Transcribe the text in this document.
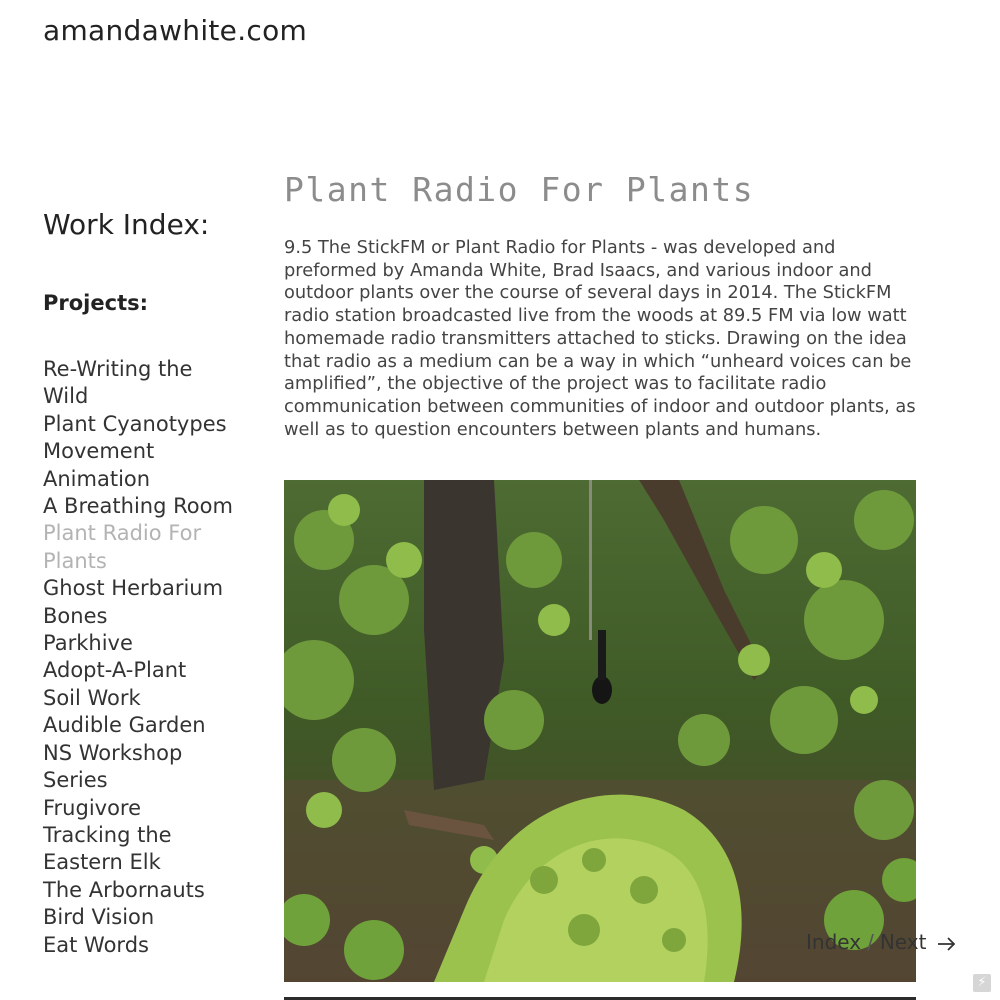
amandawhite.com
Work Index:
Projects:
Re-Writing the Wild
Plant Cyanotypes
Movement Animation
A Breathing Room
Plant Radio For Plants
Ghost Herbarium Bones
Parkhive
Adopt-A-Plant
Soil Work
Audible Garden
NS Workshop Series
Frugivore
Tracking the Eastern Elk
The Arbornauts
Bird Vision
Eat Words
Plant Radio For Plants

9.5 The StickFM or Plant Radio for Plants - was developed and preformed by Amanda White, Brad Isaacs, and various indoor and outdoor plants over the course of several days in 2014. The StickFM radio station broadcasted live from the woods at 89.5 FM via low watt homemade radio transmitters attached to sticks. Drawing on the idea that radio as a medium can be a way in which “unheard voices can be amplified”, the objective of the project was to facilitate radio communication between communities of indoor and outdoor plants, as well as to question encounters between plants and humans.

Index / Next
⚡
